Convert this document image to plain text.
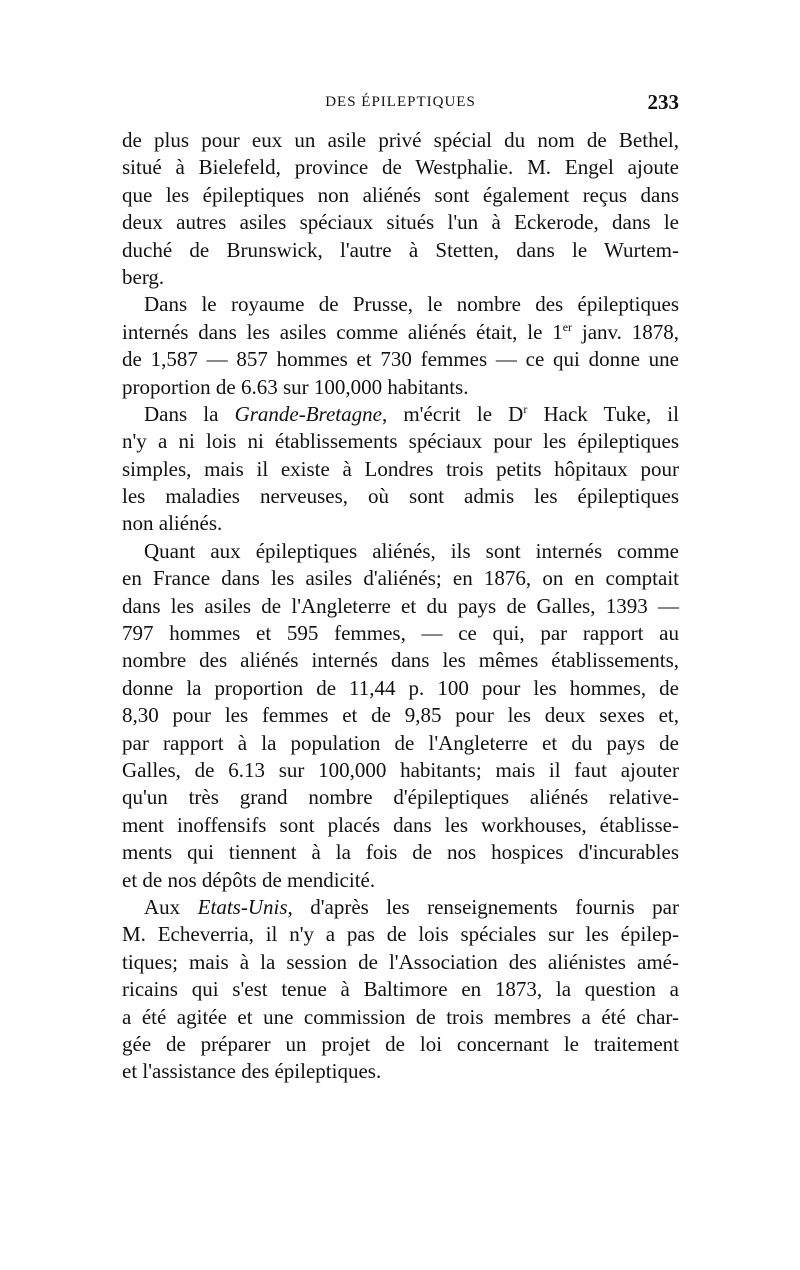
DES ÉPILEPTIQUES	233
de plus pour eux un asile privé spécial du nom de Bethel,
situé à Bielefeld, province de Westphalie. M. Engel ajoute
que les épileptiques non aliénés sont également reçus dans
deux autres asiles spéciaux situés l'un à Eckerode, dans le
duché de Brunswick, l'autre à Stetten, dans le Wurtem-
berg.
Dans le royaume de Prusse, le nombre des épileptiques
internés dans les asiles comme aliénés était, le 1er janv. 1878,
de 1,587 — 857 hommes et 730 femmes — ce qui donne une
proportion de 6.63 sur 100,000 habitants.
Dans la Grande-Bretagne, m'écrit le $D^r$ Hack Tuke, il
n'y a ni lois ni établissements spéciaux pour les épileptiques
simples, mais il existe à Londres trois petits hôpitaux pour
les maladies nerveuses, où sont admis les épileptiques
non aliénés.
Quant aux épileptiques aliénés, ils sont internés comme
en France dans les asiles d'aliénés; en 1876, on en comptait
dans les asiles de l'Angleterre et du pays de Galles, 1393 —
797 hommes et 595 femmes, — ce qui, par rapport au
nombre des aliénés internés dans les mêmes établissements,
donne la proportion de 11,44 p. 100 pour les hommes, de
8,30 pour les femmes et de 9,85 pour les deux sexes et,
par rapport à la population de l'Angleterre et du pays de
Galles, de 6.13 sur 100,000 habitants; mais il faut ajouter
qu'un très grand nombre d'épileptiques aliénés relative-
ment inoffensifs sont placés dans les workhouses, établisse-
ments qui tiennent à la fois de nos hospices d'incurables
et de nos dépôts de mendicité.
Aux Etats-Unis, d'après les renseignements fournis par
M. Echeverria, il n'y a pas de lois spéciales sur les épilep-
tiques; mais à la session de l'Association des aliénistes amé-
ricains qui s'est tenue à Baltimore en 1873, la question a
a été agitée et une commission de trois membres a été char-
gée de préparer un projet de loi concernant le traitement
et l'assistance des épileptiques.
